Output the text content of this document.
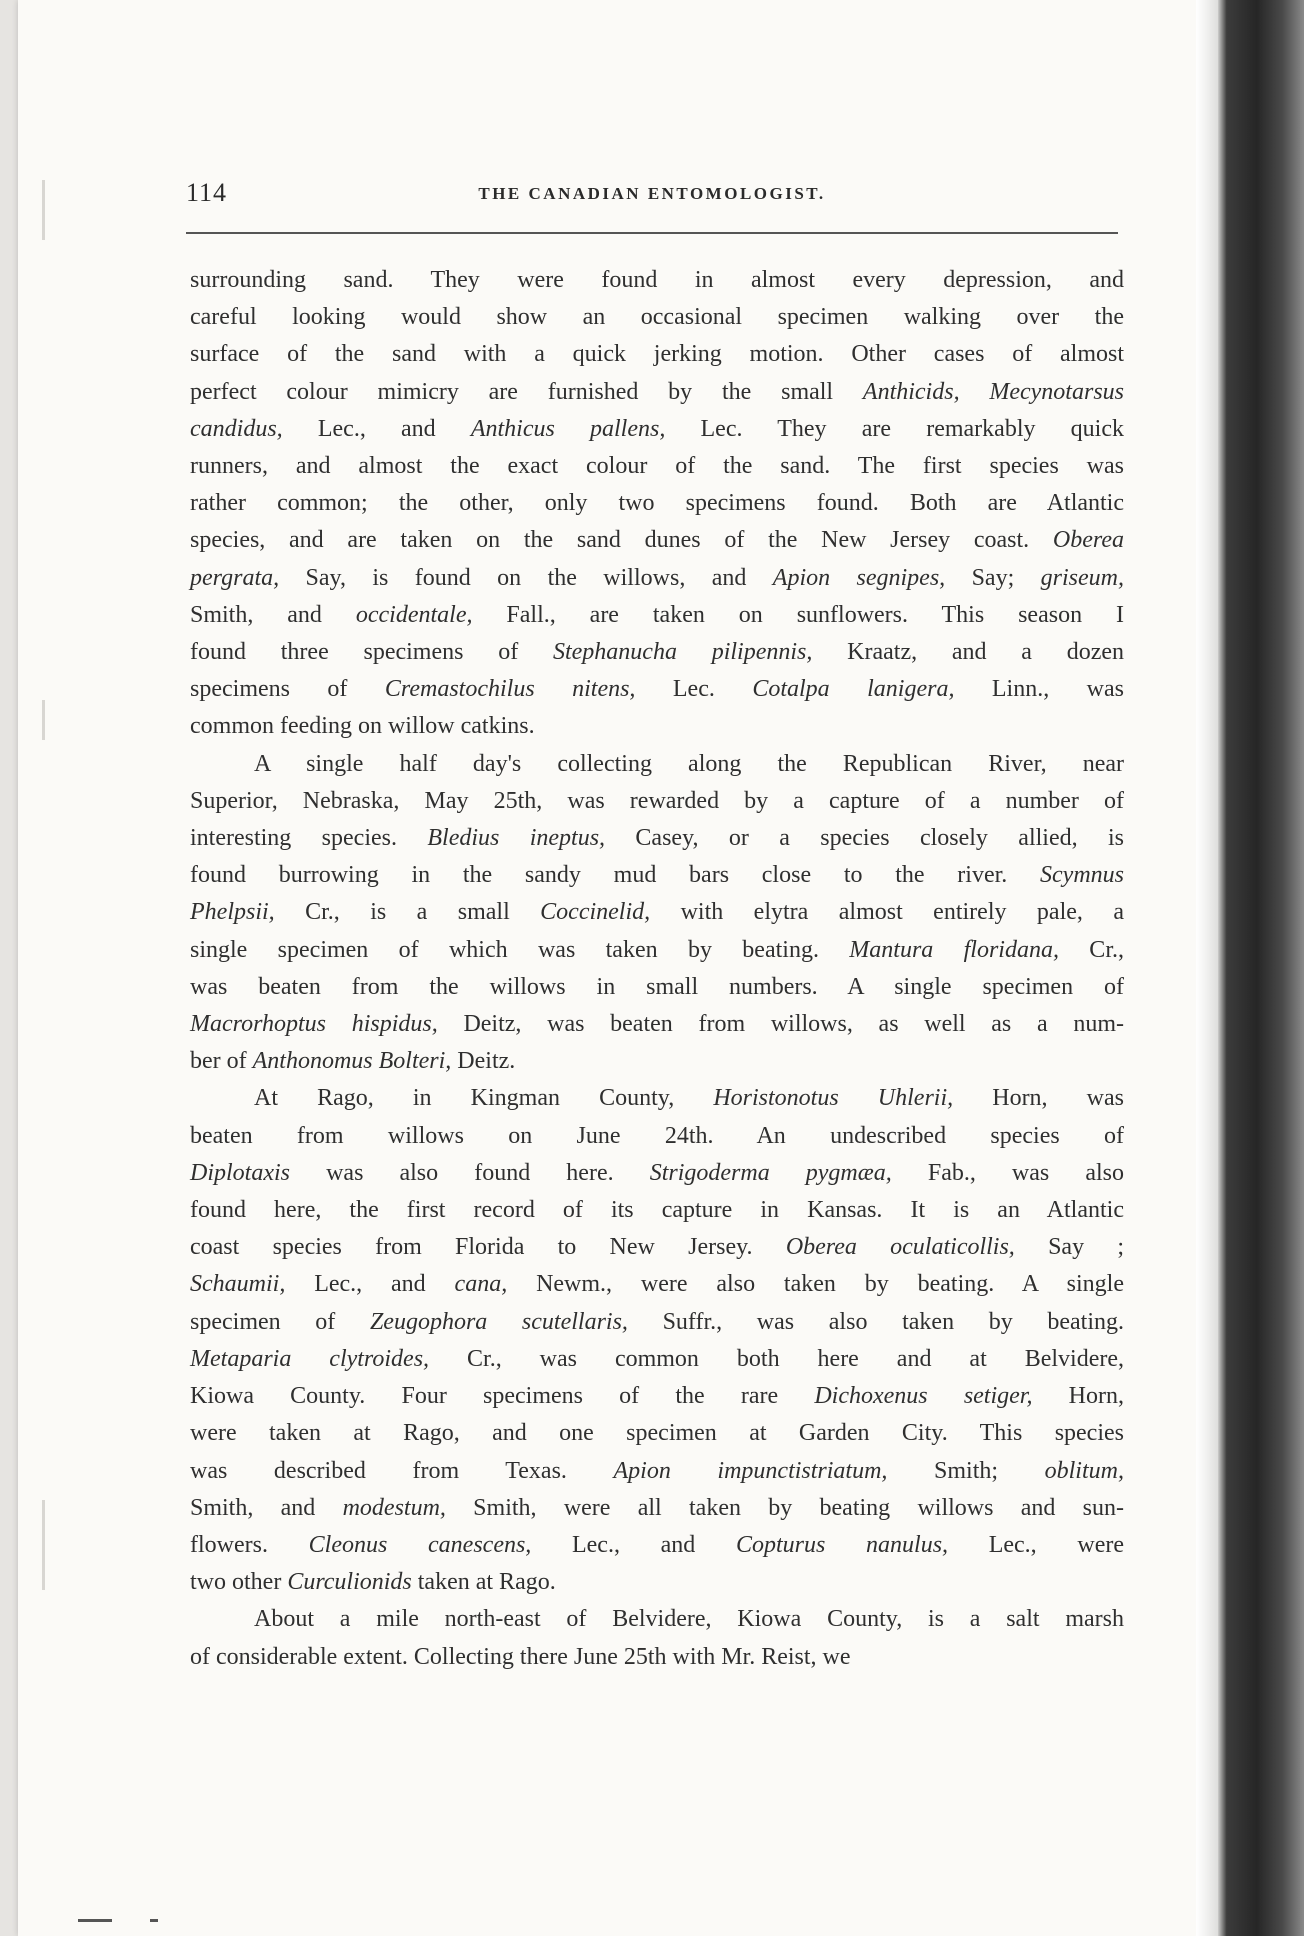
114	THE CANADIAN ENTOMOLOGIST.

surrounding sand. They were found in almost every depression, and
careful looking would show an occasional specimen walking over the
surface of the sand with a quick jerking motion. Other cases of almost
perfect colour mimicry are furnished by the small Anthicids, Mecynotarsus
candidus, Lec., and Anthicus pallens, Lec. They are remarkably quick
runners, and almost the exact colour of the sand. The first species was
rather common; the other, only two specimens found. Both are Atlantic
species, and are taken on the sand dunes of the New Jersey coast. Oberea
pergrata, Say, is found on the willows, and Apion segnipes, Say; griseum,
Smith, and occidentale, Fall., are taken on sunflowers. This season I
found three specimens of Stephanucha pilipennis, Kraatz, and a dozen
specimens of Cremastochilus nitens, Lec. Cotalpa lanigera, Linn., was
common feeding on willow catkins.

A single half day's collecting along the Republican River, near
Superior, Nebraska, May 25th, was rewarded by a capture of a number of
interesting species. Bledius ineptus, Casey, or a species closely allied, is
found burrowing in the sandy mud bars close to the river. Scymnus
Phelpsii, Cr., is a small Coccinelid, with elytra almost entirely pale, a
single specimen of which was taken by beating. Mantura floridana, Cr.,
was beaten from the willows in small numbers. A single specimen of
Macrorhoptus hispidus, Deitz, was beaten from willows, as well as a num-
ber of Anthonomus Bolteri, Deitz.

At Rago, in Kingman County, Horistonotus Uhlerii, Horn, was
beaten from willows on June 24th. An undescribed species of
Diplotaxis was also found here. Strigoderma pygmæa, Fab., was also
found here, the first record of its capture in Kansas. It is an Atlantic
coast species from Florida to New Jersey. Oberea oculaticollis, Say ;
Schaumii, Lec., and cana, Newm., were also taken by beating. A single
specimen of Zeugophora scutellaris, Suffr., was also taken by beating.
Metaparia clytroides, Cr., was common both here and at Belvidere,
Kiowa County. Four specimens of the rare Dichoxenus setiger, Horn,
were taken at Rago, and one specimen at Garden City. This species
was described from Texas. Apion impunctistriatum, Smith; oblitum,
Smith, and modestum, Smith, were all taken by beating willows and sun-
flowers. Cleonus canescens, Lec., and Copturus nanulus, Lec., were
two other Curculionids taken at Rago.

About a mile north-east of Belvidere, Kiowa County, is a salt marsh
of considerable extent. Collecting there June 25th with Mr. Reist, we
